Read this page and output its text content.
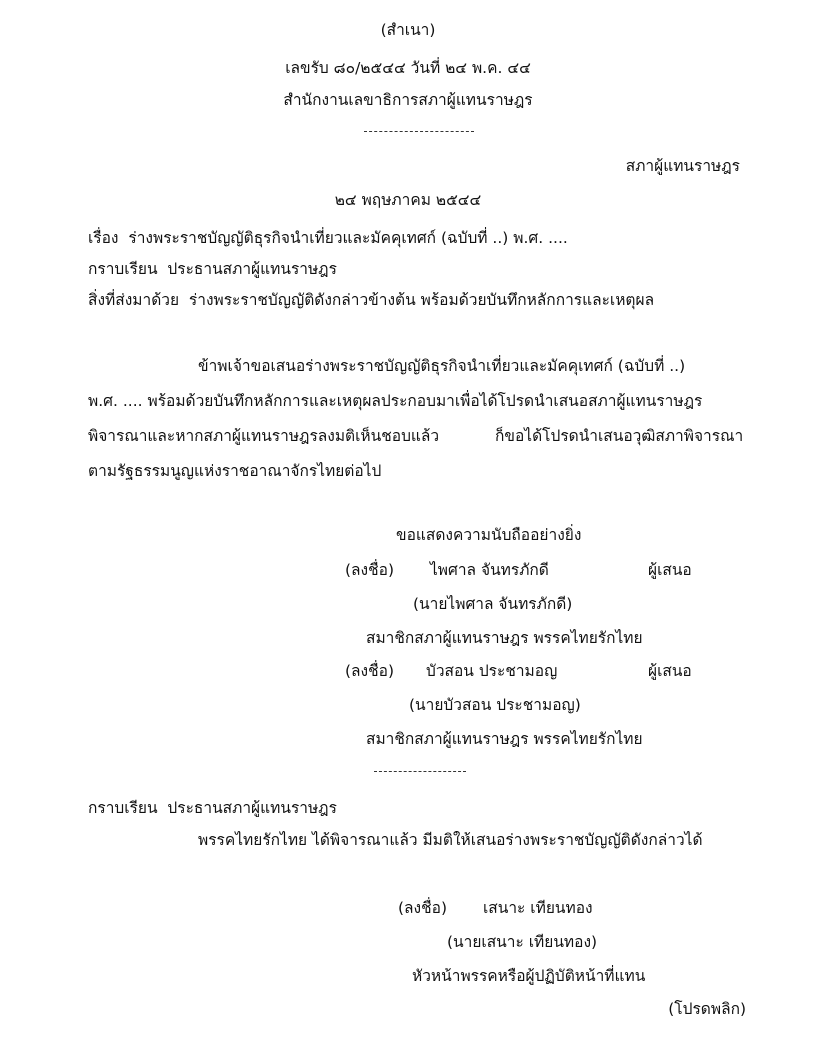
(สำเนา)
เลขรับ ๘๐/๒๕๔๔ วันที่ ๒๔ พ.ค. ๔๔
สำนักงานเลขาธิการสภาผู้แทนราษฎร
สภาผู้แทนราษฎร
๒๔ พฤษภาคม ๒๕๔๔
เรื่อง ร่างพระราชบัญญัติธุรกิจนำเที่ยวและมัคคุเทศก์ (ฉบับที่ ..) พ.ศ. ....
กราบเรียน ประธานสภาผู้แทนราษฎร
สิ่งที่ส่งมาด้วย ร่างพระราชบัญญัติดังกล่าวข้างต้น พร้อมด้วยบันทึกหลักการและเหตุผล
ข้าพเจ้าขอเสนอร่างพระราชบัญญัติธุรกิจนำเที่ยวและมัคคุเทศก์ (ฉบับที่ ..)
พ.ศ. .... พร้อมด้วยบันทึกหลักการและเหตุผลประกอบมาเพื่อได้โปรดนำเสนอสภาผู้แทนราษฎร
พิจารณาและหากสภาผู้แทนราษฎรลงมติเห็นชอบแล้ว	ก็ขอได้โปรดนำเสนอวุฒิสภาพิจารณา
ตามรัฐธรรมนูญแห่งราชอาณาจักรไทยต่อไป
ขอแสดงความนับถืออย่างยิ่ง
(ลงชื่อ) ไพศาล จันทรภักดี	ผู้เสนอ
(นายไพศาล จันทรภักดี)
สมาชิกสภาผู้แทนราษฎร พรรคไทยรักไทย
(ลงชื่อ) บัวสอน ประชามอญ	ผู้เสนอ
(นายบัวสอน ประชามอญ)
สมาชิกสภาผู้แทนราษฎร พรรคไทยรักไทย
กราบเรียน ประธานสภาผู้แทนราษฎร
พรรคไทยรักไทย ได้พิจารณาแล้ว มีมติให้เสนอร่างพระราชบัญญัติดังกล่าวได้
(ลงชื่อ) เสนาะ เทียนทอง
(นายเสนาะ เทียนทอง)
หัวหน้าพรรคหรือผู้ปฏิบัติหน้าที่แทน
(โปรดพลิก)
